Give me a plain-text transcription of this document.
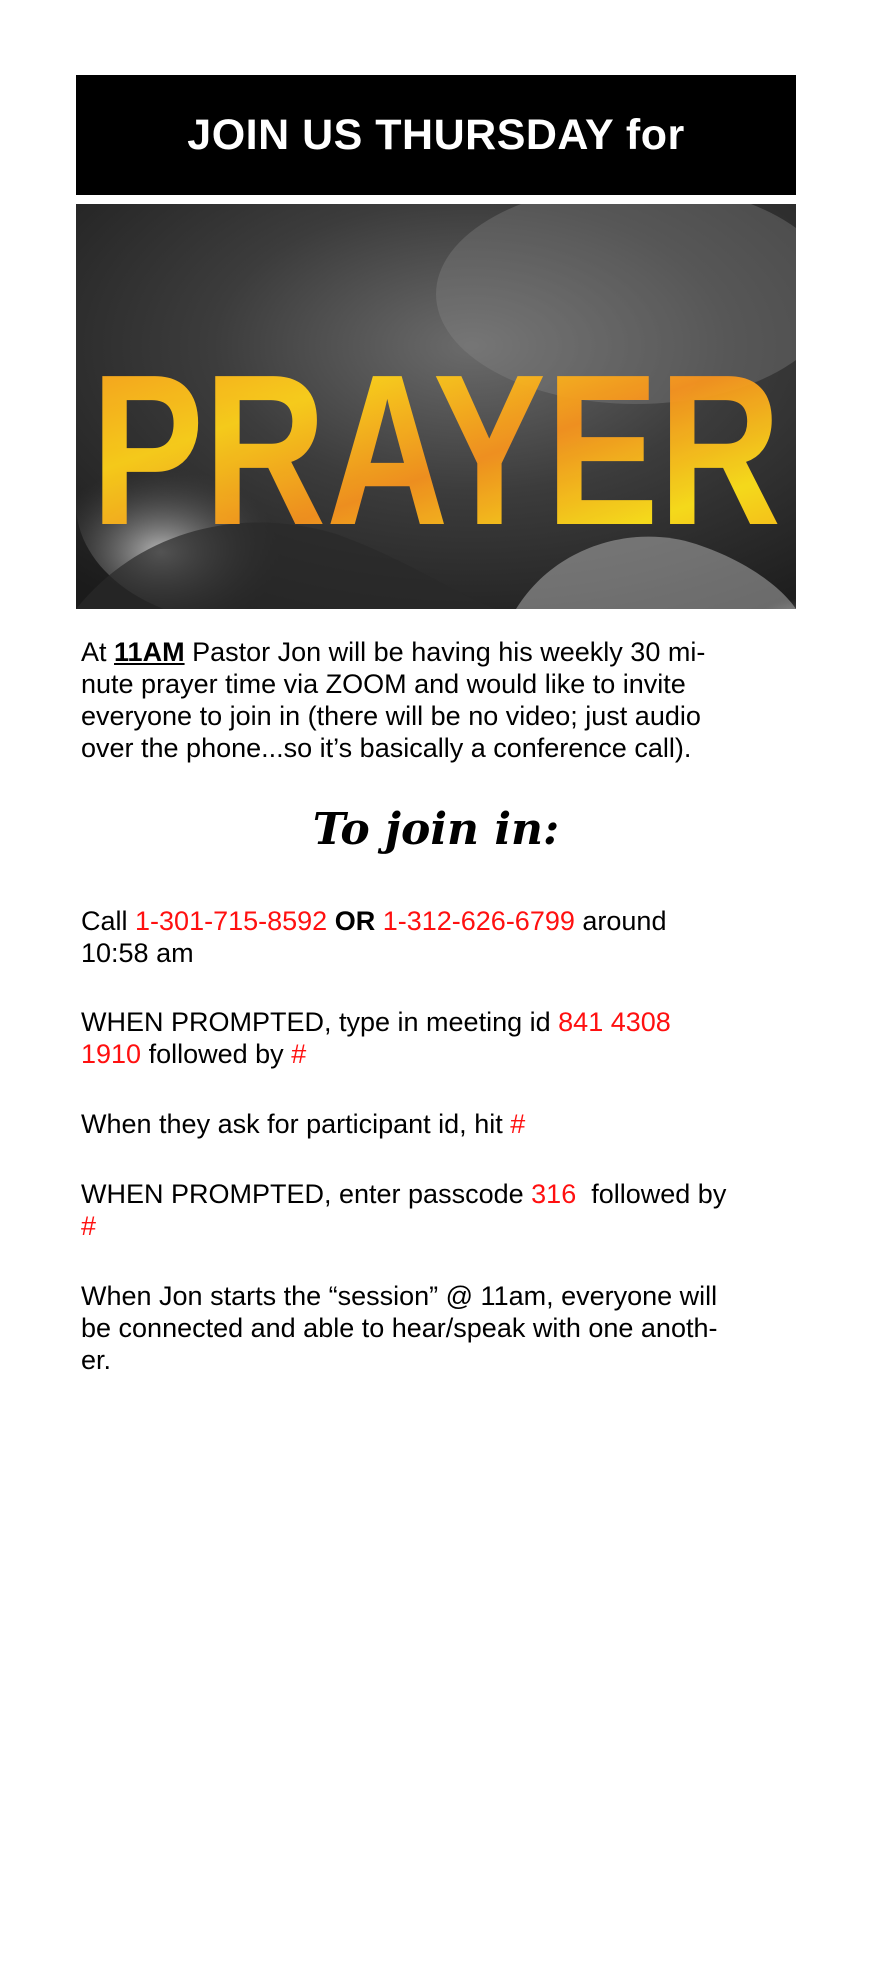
JOIN US THURSDAY for
PRAYER
At 11AM Pastor Jon will be having his weekly 30 mi-
nute prayer time via ZOOM and would like to invite
everyone to join in (there will be no video; just audio
over the phone...so it’s basically a conference call).
To join in:
Call 1-301-715-8592 OR 1-312-626-6799 around
10:58 am
WHEN PROMPTED, type in meeting id 841 4308
1910 followed by #
When they ask for participant id, hit #
WHEN PROMPTED, enter passcode 316 followed by
#
When Jon starts the “session” @ 11am, everyone will
be connected and able to hear/speak with one anoth-
er.
